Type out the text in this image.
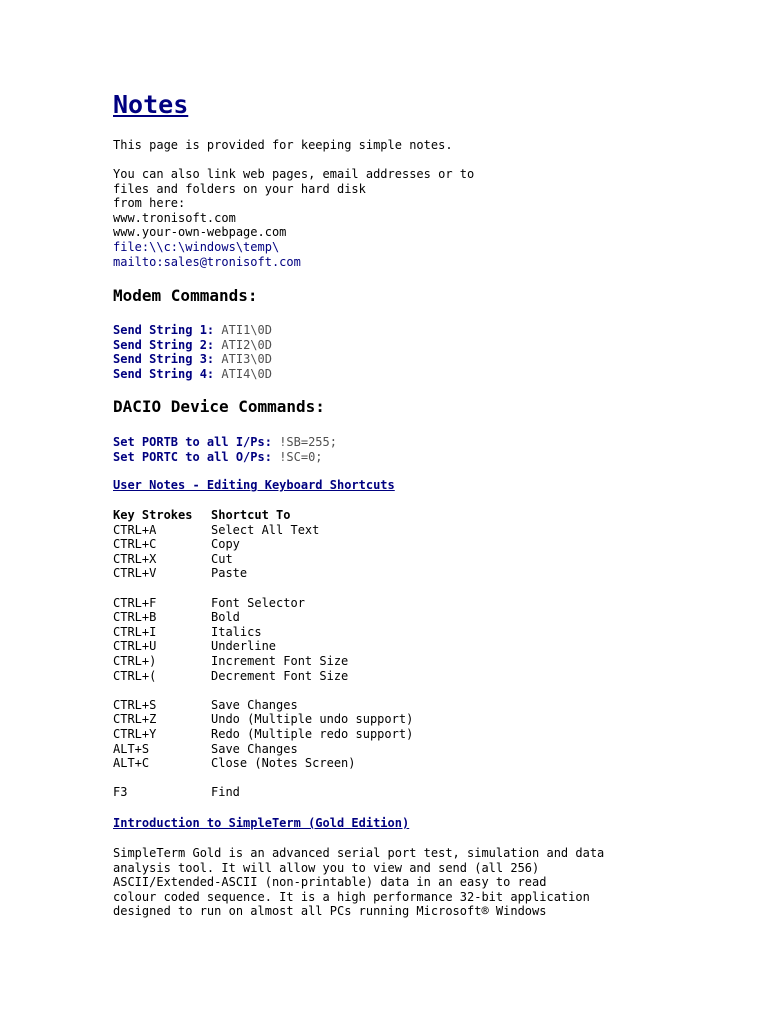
Notes
This page is provided for keeping simple notes.
You can also link web pages, email addresses or to
files and folders on your hard disk
from here:
www.tronisoft.com
www.your-own-webpage.com
file:\\c:\windows\temp\
mailto:sales@tronisoft.com
Modem Commands:
Send String 1: ATI1\0D
Send String 2: ATI2\0D
Send String 3: ATI3\0D
Send String 4: ATI4\0D
DACIO Device Commands:
Set PORTB to all I/Ps: !SB=255;
Set PORTC to all O/Ps: !SC=0;
User Notes - Editing Keyboard Shortcuts
Key Strokes Shortcut To
CTRL+A	Select All Text
CTRL+C	Copy
CTRL+X	Cut
CTRL+V	Paste
CTRL+F	Font Selector
CTRL+B	Bold
CTRL+I	Italics
CTRL+U	Underline
CTRL+)	Increment Font Size
CTRL+(	Decrement Font Size
CTRL+S	Save Changes
CTRL+Z	Undo (Multiple undo support)
CTRL+Y	Redo (Multiple redo support)
ALT+S	Save Changes
ALT+C	Close (Notes Screen)
F3	Find
Introduction to SimpleTerm (Gold Edition)
SimpleTerm Gold is an advanced serial port test, simulation and data
analysis tool. It will allow you to view and send (all 256)
ASCII/Extended-ASCII (non-printable) data in an easy to read
colour coded sequence. It is a high performance 32-bit application
designed to run on almost all PCs running Microsoft® Windows
